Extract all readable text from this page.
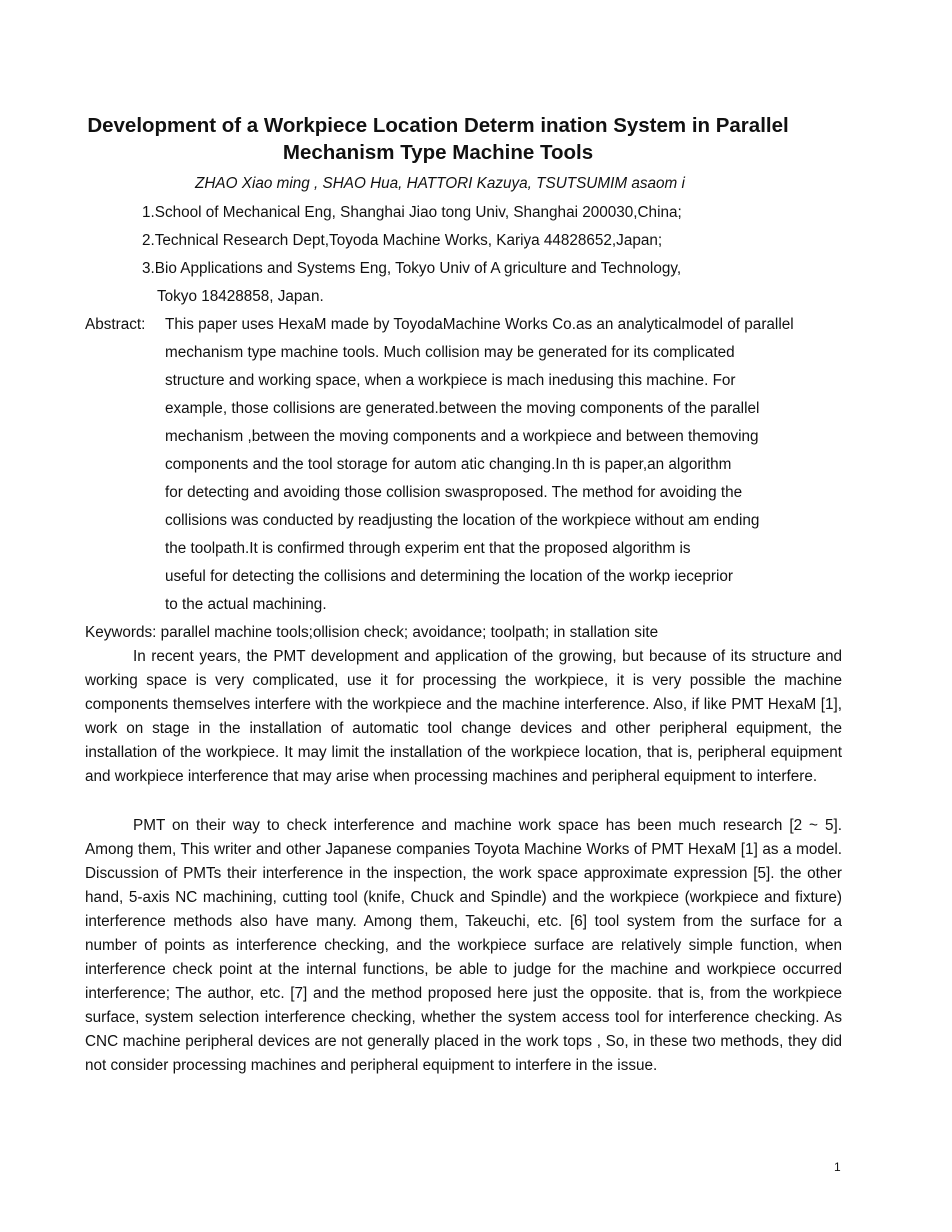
Development of a Workpiece Location Determ ination System in Parallel
Mechanism Type Machine Tools
ZHAO Xiao ming , SHAO Hua, HATTORI Kazuya, TSUTSUMIM asaom i
1.School of Mechanical Eng, Shanghai Jiao tong Univ, Shanghai 200030,China;
2.Technical Research Dept,Toyoda Machine Works, Kariya 44828652,Japan;
3.Bio Applications and Systems Eng, Tokyo Univ of A griculture and Technology,
Tokyo 18428858, Japan.
Abstract: This paper uses HexaM made by ToyodaMachine Works Co.as an analyticalmodel of parallel
mechanism type machine tools. Much collision may be generated for its complicated
structure and working space, when a workpiece is mach inedusing this machine. For
example, those collisions are generated.between the moving components of the parallel
mechanism ,between the moving components and a workpiece and between themoving
components and the tool storage for autom atic changing.In th is paper,an algorithm
for detecting and avoiding those collision swasproposed. The method for avoiding the
collisions was conducted by readjusting the location of the workpiece without am ending
the toolpath.It is confirmed through experim ent that the proposed algorithm is
useful for detecting the collisions and determining the location of the workp ieceprior
to the actual machining.
Keywords: parallel machine tools;ollision check; avoidance; toolpath; in stallation site

In recent years, the PMT development and application of the growing, but because of its structure and working space is very complicated, use it for processing the workpiece, it is very possible the machine components themselves interfere with the workpiece and the machine interference. Also, if like PMT HexaM [1], work on stage in the installation of automatic tool change devices and other peripheral equipment, the installation of the workpiece. It may limit the installation of the workpiece location, that is, peripheral equipment and workpiece interference that may arise when processing machines and peripheral equipment to interfere.

PMT on their way to check interference and machine work space has been much research [2 ~ 5]. Among them, This writer and other Japanese companies Toyota Machine Works of PMT HexaM [1] as a model. Discussion of PMTs their interference in the inspection, the work space approximate expression [5]. the other hand, 5-axis NC machining, cutting tool (knife, Chuck and Spindle) and the workpiece (workpiece and fixture) interference methods also have many. Among them, Takeuchi, etc. [6] tool system from the surface for a number of points as interference checking, and the workpiece surface are relatively simple function, when interference check point at the internal functions, be able to judge for the machine and workpiece occurred interference; The author, etc. [7] and the method proposed here just the opposite. that is, from the workpiece surface, system selection interference checking, whether the system access tool for interference checking. As CNC machine peripheral devices are not generally placed in the work tops , So, in these two methods, they did not consider processing machines and peripheral equipment to interfere in the issue.

1
